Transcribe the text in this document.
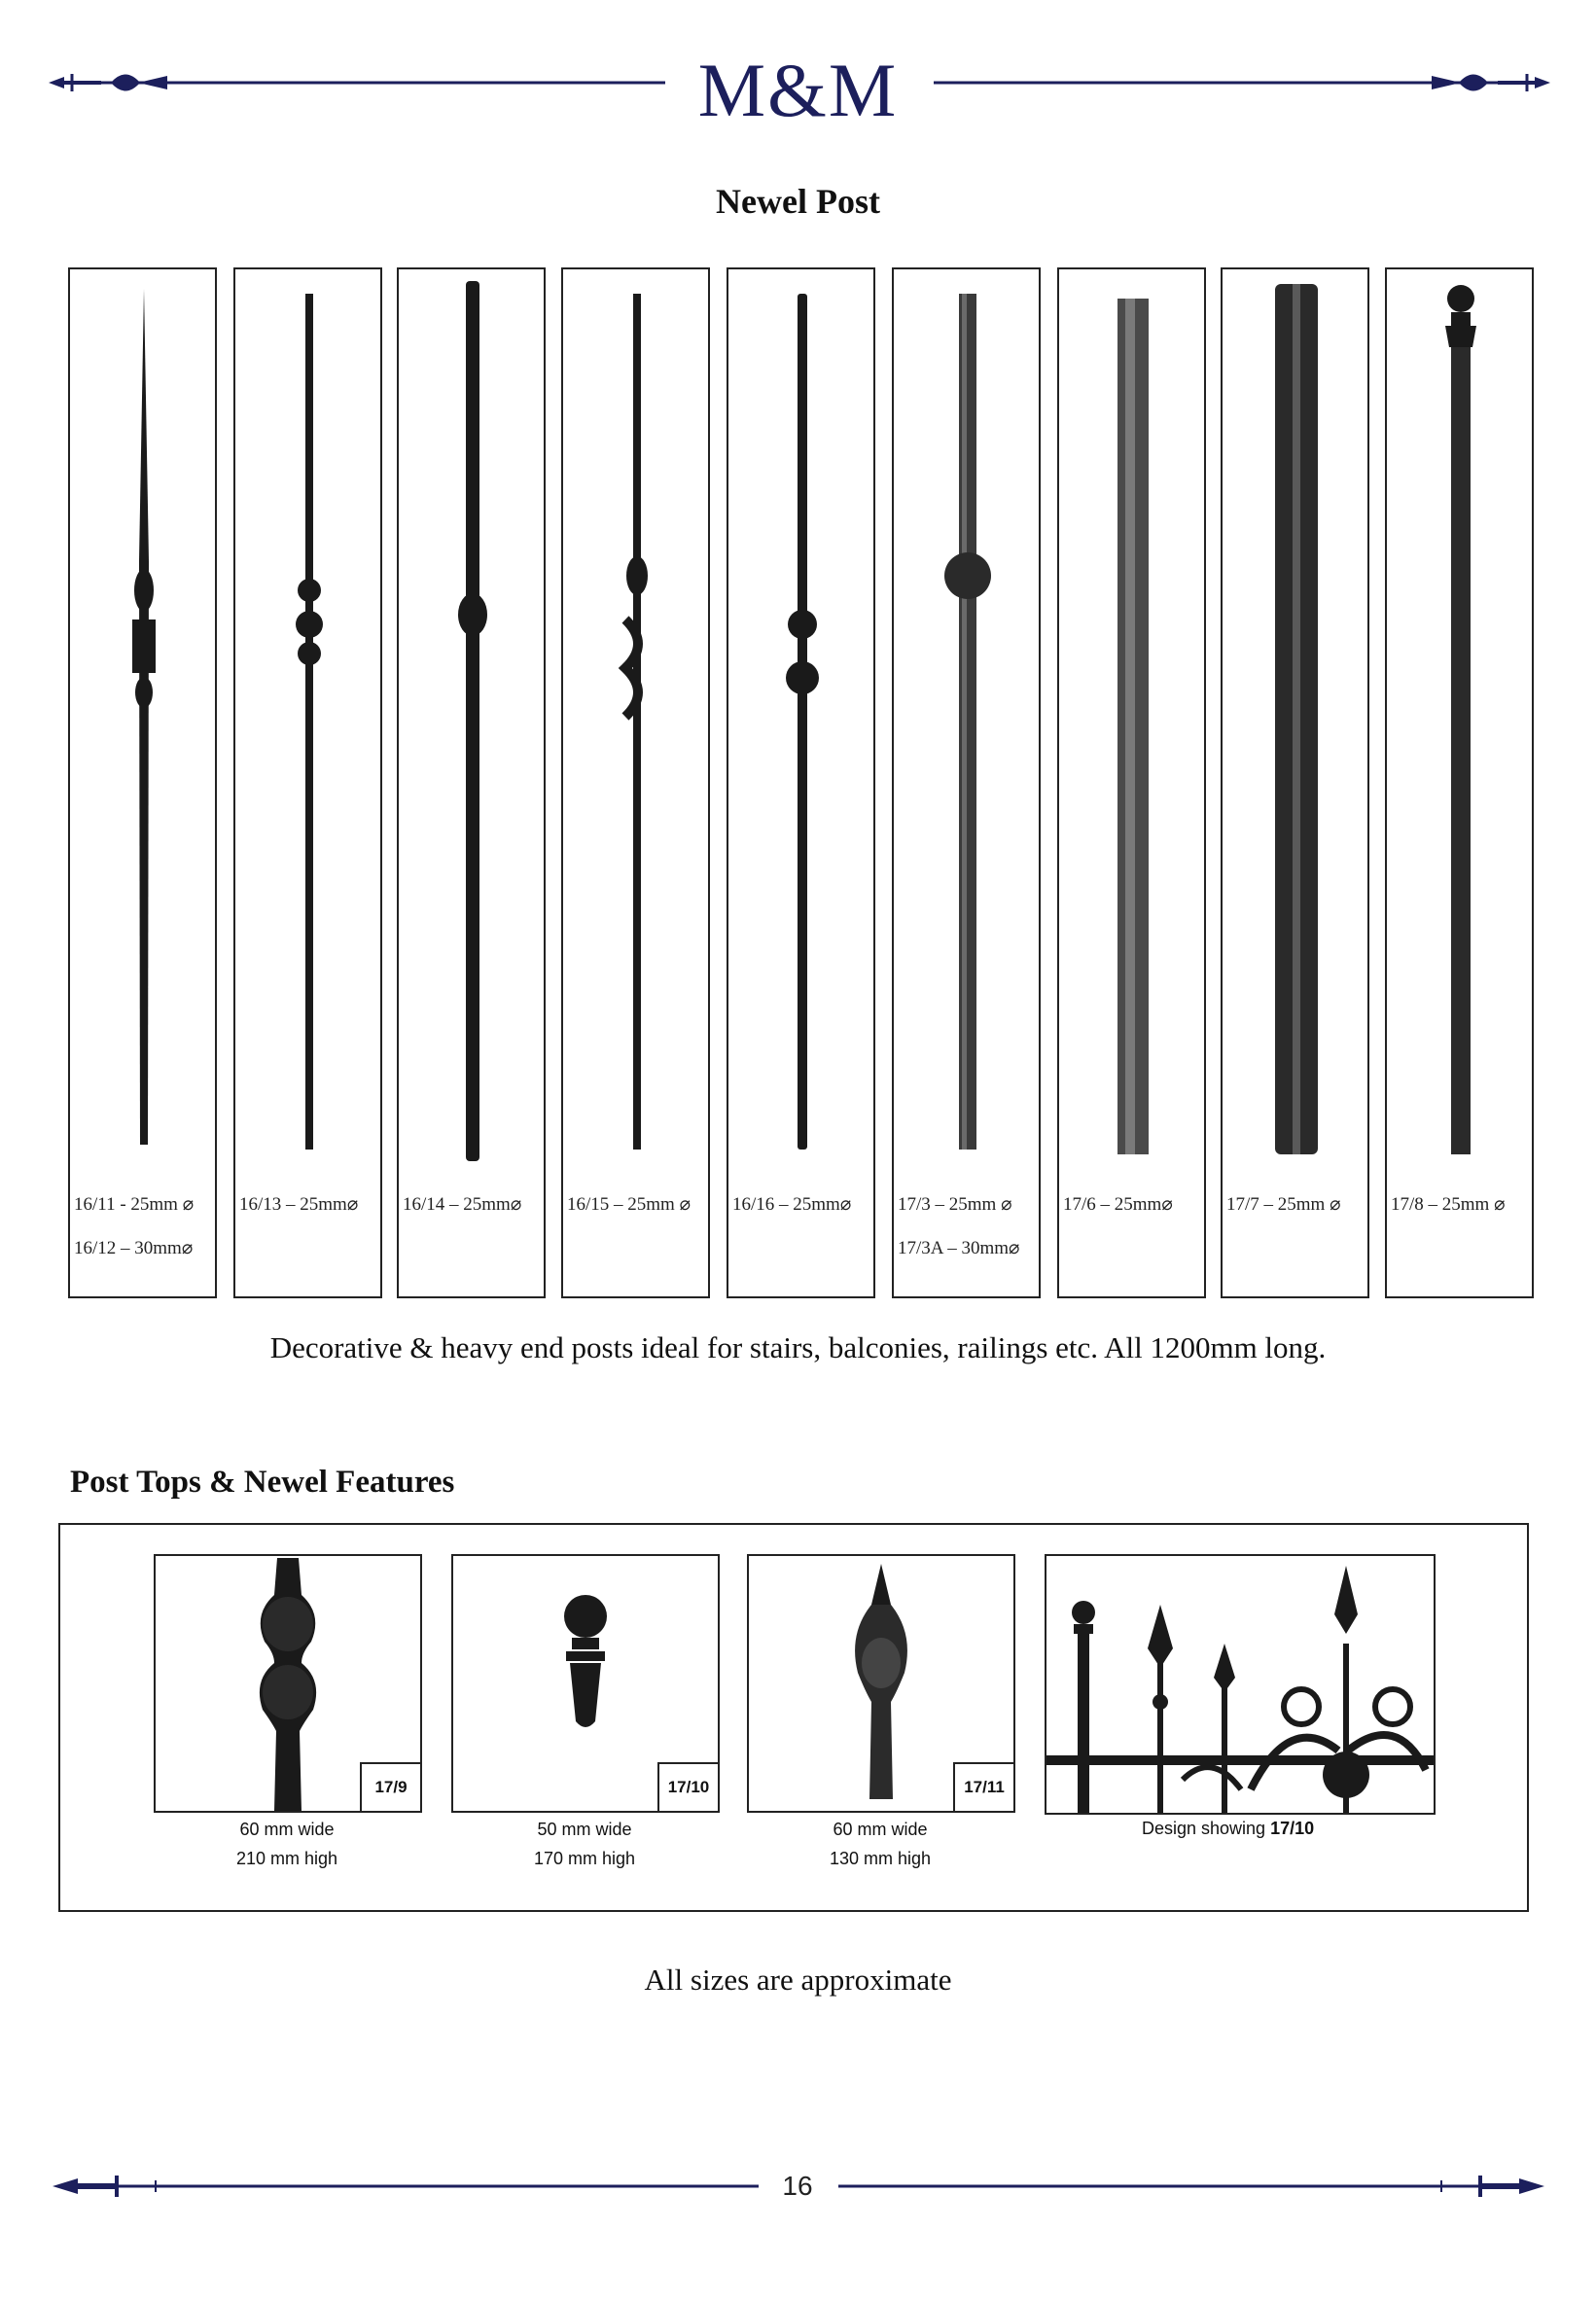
M&M
Newel Post
16/11 - 25mm ⌀
16/12 – 30mm⌀
16/13 – 25mm⌀ 16/14 – 25mm⌀ 16/15 – 25mm ⌀ 16/16 – 25mm⌀	17/3 – 25mm ⌀
17/3A – 30mm⌀
17/6 – 25mm⌀	17/7 – 25mm ⌀	17/8 – 25mm ⌀
Decorative & heavy end posts ideal for stairs, balconies, railings etc. All 1200mm long.
Post Tops & Newel Features
17/9
60 mm wide
210 mm high
17/10
50 mm wide
170 mm high
17/11
60 mm wide
130 mm high
Design showing 17/10
All sizes are approximate
16
